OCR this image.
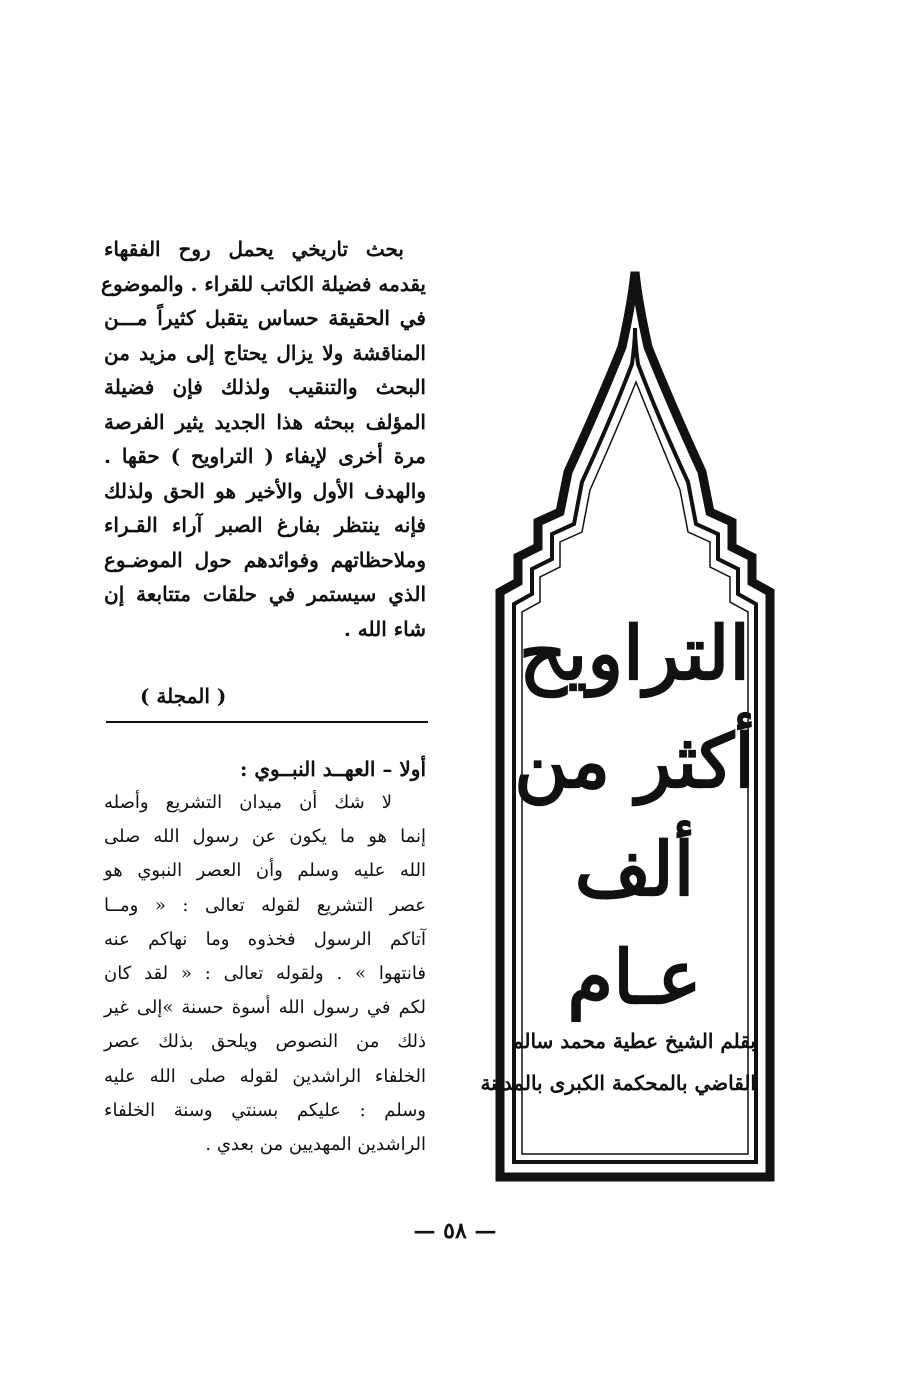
بحث تاريخي يحمل روح الفقهاء
يقدمه فضيلة الكاتب للقراء . والموضوع
في الحقيقة حساس يتقبل كثيراً مـــن
المناقشة ولا يزال يحتاج إلى مزيد من
البحث والتنقيب ولذلك فإن فضيلة
المؤلف ببحثه هذا الجديد يثير الفرصة
مرة أخرى لإيفاء ( التراويح ) حقها .
والهدف الأول والأخير هو الحق ولذلك
فإنه ينتظر بفارغ الصبر آراء القـراء
وملاحظاتهم وفوائدهم حول الموضـوع
الذي سيستمر في حلقات متتابعة إن
شاء الله .
( المجلة )
أولا – العهــد النبــوي :
لا شك أن ميدان التشريع وأصله
إنما هو ما يكون عن رسول الله صلى
الله عليه وسلم وأن العصر النبوي هو
عصر التشريع لقوله تعالى : « ومــا
آتاكم الرسول فخذوه وما نهاكم عنه
فانتهوا » . ولقوله تعالى : « لقد كان
لكم في رسول الله أسوة حسنة »إلى غير
ذلك من النصوص ويلحق بذلك عصر
الخلفاء الراشدين لقوله صلى الله عليه
وسلم : عليكم بسنتي وسنة الخلفاء
الراشدين المهديين من بعدي .
التراويح
أكثر من
ألف
عـام
بقلم الشيخ عطية محمد سالم
القاضي بالمحكمة الكبرى بالمدينة
— ٥٨ —
